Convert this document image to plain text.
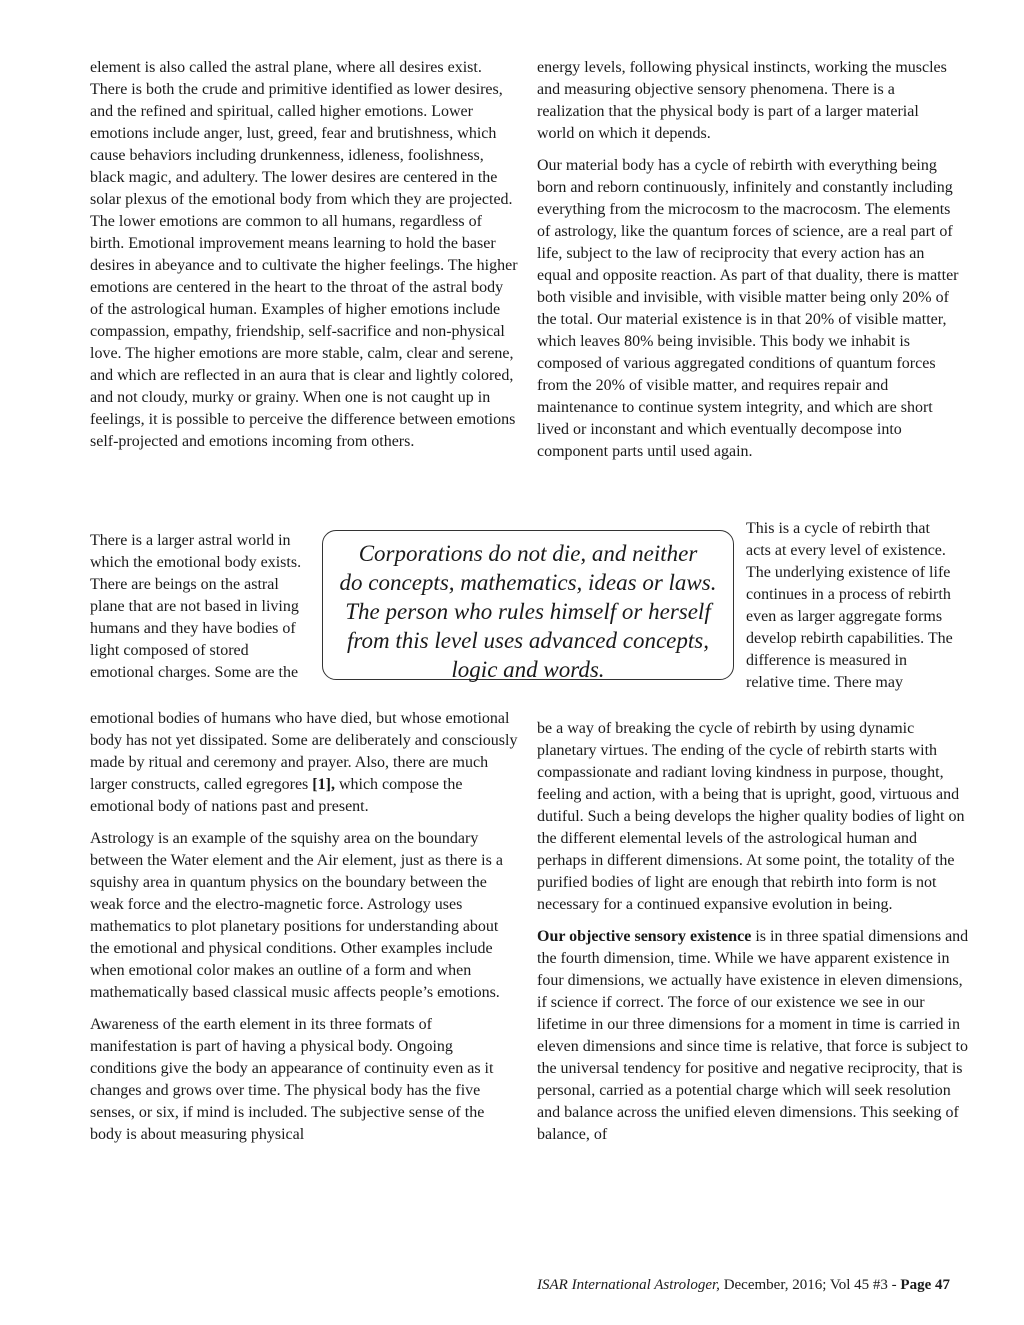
element is also called the astral plane, where all desires exist. There is both the crude and primitive identified as lower desires, and the refined and spiritual, called higher emotions. Lower emotions include anger, lust, greed, fear and brutishness, which cause behaviors including drunkenness, idleness, foolishness, black magic, and adultery. The lower desires are centered in the solar plexus of the emotional body from which they are projected. The lower emotions are common to all humans, regardless of birth. Emotional improvement means learning to hold the baser desires in abeyance and to cultivate the higher feelings. The higher emotions are centered in the heart to the throat of the astral body of the astrological human. Examples of higher emotions include compassion, empathy, friendship, self-sacrifice and non-physical love. The higher emotions are more stable, calm, clear and serene, and which are reflected in an aura that is clear and lightly colored, and not cloudy, murky or grainy. When one is not caught up in feelings, it is possible to perceive the difference between emotions self-projected and emotions incoming from others.

There is a larger astral world in which the emotional body exists. There are beings on the astral plane that are not based in living humans and they have bodies of light composed of stored emotional charges. Some are the

emotional bodies of humans who have died, but whose emotional body has not yet dissipated. Some are deliberately and consciously made by ritual and ceremony and prayer. Also, there are much larger constructs, called egregores [1], which compose the emotional body of nations past and present.

Astrology is an example of the squishy area on the boundary between the Water element and the Air element, just as there is a squishy area in quantum physics on the boundary between the weak force and the electro-magnetic force. Astrology uses mathematics to plot planetary positions for understanding about the emotional and physical conditions. Other examples include when emotional color makes an outline of a form and when mathematically based classical music affects people’s emotions.

Awareness of the earth element in its three formats of manifestation is part of having a physical body. Ongoing conditions give the body an appearance of continuity even as it changes and grows over time. The physical body has the five senses, or six, if mind is included. The subjective sense of the body is about measuring physical

energy levels, following physical instincts, working the muscles and measuring objective sensory phenomena. There is a realization that the physical body is part of a larger material world on which it depends.

Our material body has a cycle of rebirth with everything being born and reborn continuously, infinitely and constantly including everything from the microcosm to the macrocosm. The elements of astrology, like the quantum forces of science, are a real part of life, subject to the law of reciprocity that every action has an equal and opposite reaction. As part of that duality, there is matter both visible and invisible, with visible matter being only 20% of the total. Our material existence is in that 20% of visible matter, which leaves 80% being invisible. This body we inhabit is composed of various aggregated conditions of quantum forces from the 20% of visible matter, and requires repair and maintenance to continue system integrity, and which are short lived or inconstant and which eventually decompose into component parts until used again.

Corporations do not die, and neither
do concepts, mathematics, ideas or laws.
The person who rules himself or herself
from this level uses advanced concepts,
logic and words.
This is a cycle of rebirth that acts at every level of existence. The underlying existence of life continues in a process of rebirth even as larger aggregate forms develop rebirth capabilities. The difference is measured in relative time. There may

be a way of breaking the cycle of rebirth by using dynamic planetary virtues. The ending of the cycle of rebirth starts with compassionate and radiant loving kindness in purpose, thought, feeling and action, with a being that is upright, good, virtuous and dutiful. Such a being develops the higher quality bodies of light on the different elemental levels of the astrological human and perhaps in different dimensions. At some point, the totality of the purified bodies of light are enough that rebirth into form is not necessary for a continued expansive evolution in being.

Our objective sensory existence is in three spatial dimensions and the fourth dimension, time. While we have apparent existence in four dimensions, we actually have existence in eleven dimensions, if science if correct. The force of our existence we see in our lifetime in our three dimensions for a moment in time is carried in eleven dimensions and since time is relative, that force is subject to the universal tendency for positive and negative reciprocity, that is personal, carried as a potential charge which will seek resolution and balance across the unified eleven dimensions. This seeking of balance, of

ISAR International Astrologer, December, 2016; Vol 45 #3 - Page 47
